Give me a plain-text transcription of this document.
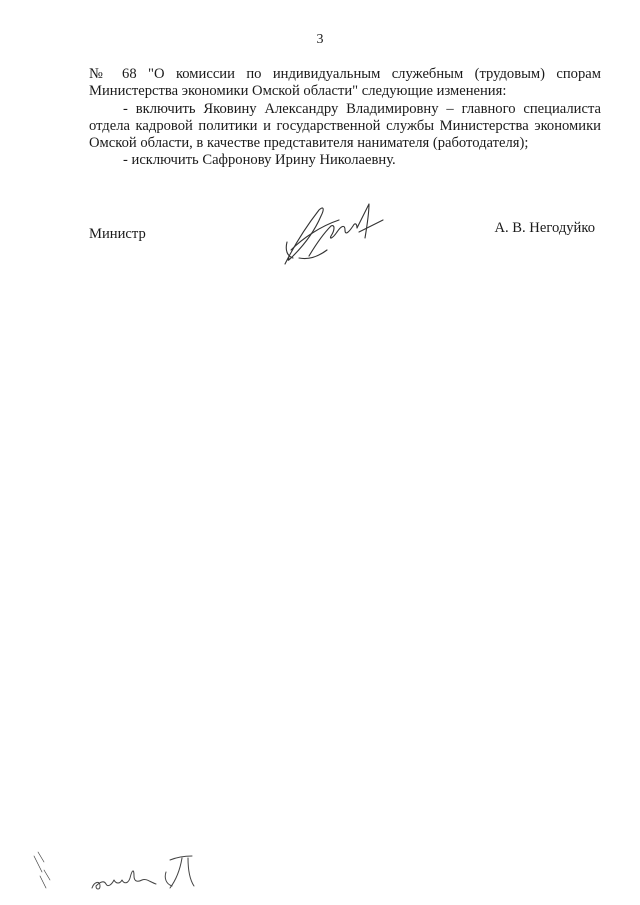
3

№ 68 "О комиссии по индивидуальным служебным (трудовым) спорам Министерства экономики Омской области" следующие изменения:

- включить Яковину Александру Владимировну – главного специалиста отдела кадровой политики и государственной службы Министерства экономики Омской области, в качестве представителя нанимателя (работодателя);

- исключить Сафронову Ирину Николаевну.

Министр	А. В. Негодуйко
